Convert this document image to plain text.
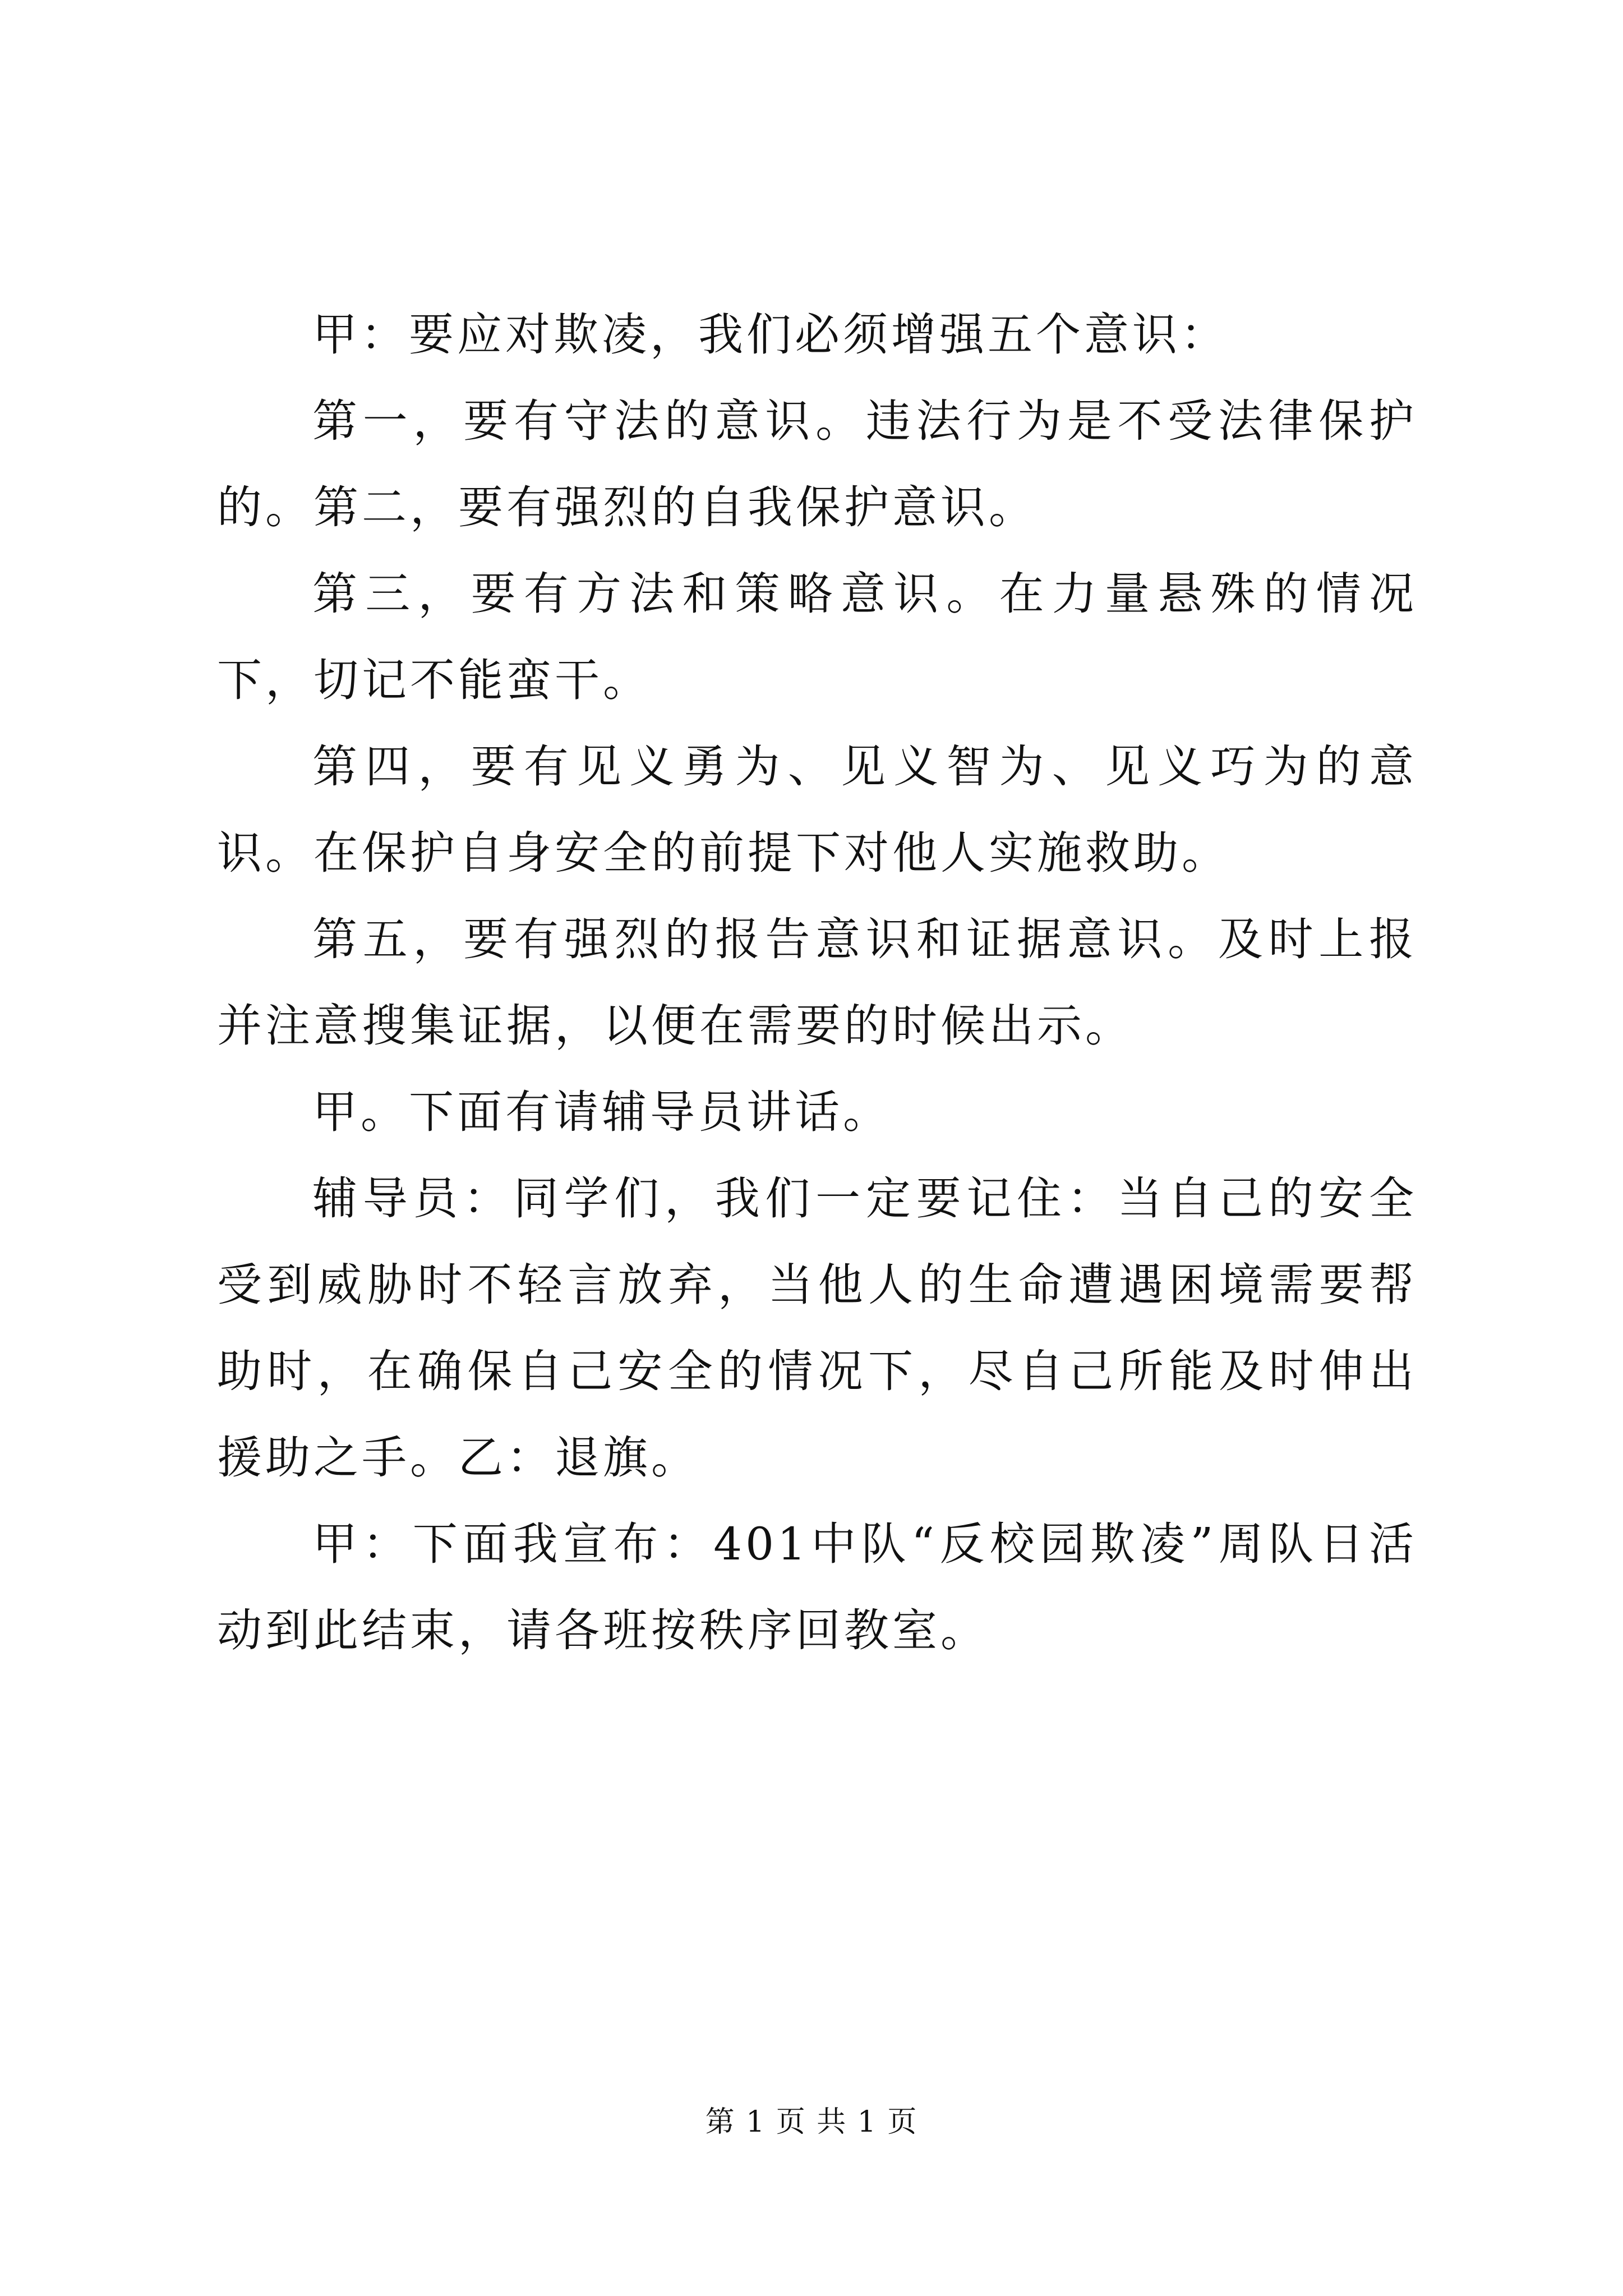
甲：要应对欺凌，我们必须增强五个意识：

第一，要有守法的意识。违法行为是不受法律保护的。第二，要有强烈的自我保护意识。

第三，要有方法和策略意识。在力量悬殊的情况下，切记不能蛮干。

第四，要有见义勇为、见义智为、见义巧为的意识。在保护自身安全的前提下对他人实施救助。

第五，要有强烈的报告意识和证据意识。及时上报并注意搜集证据，以便在需要的时候出示。

甲。下面有请辅导员讲话。

辅导员：同学们，我们一定要记住：当自己的安全受到威胁时不轻言放弃，当他人的生命遭遇困境需要帮助时，在确保自己安全的情况下，尽自己所能及时伸出援助之手。乙：退旗。

甲：下面我宣布：401中队“反校园欺凌”周队日活动到此结束，请各班按秩序回教室。

第 1 页 共 1 页
